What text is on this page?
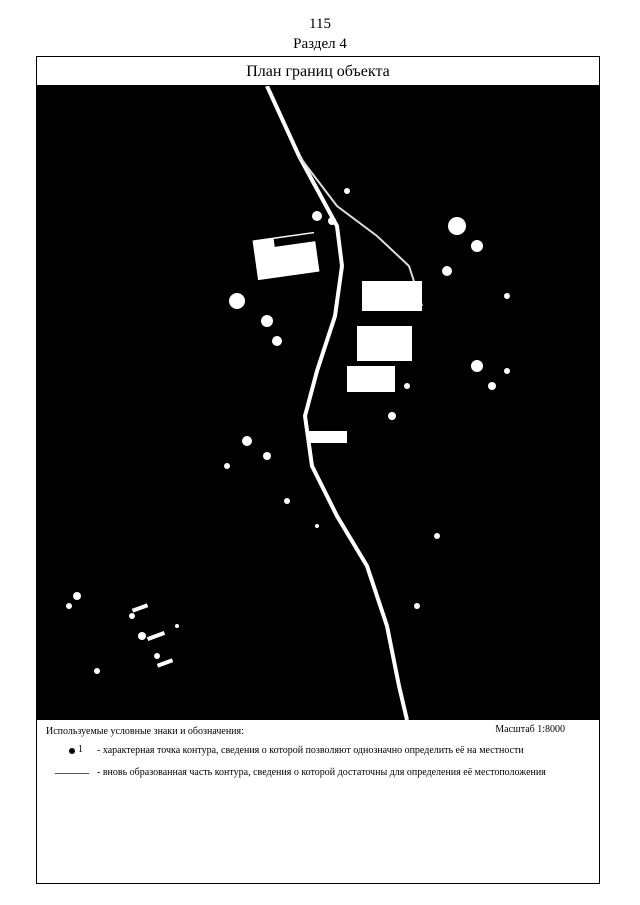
115
Раздел 4
План границ объекта
Используемые условные знаки и обозначения:	Масштаб 1:8000
1 - характерная точка контура, сведения о которой позволяют однозначно определить её на местности
- вновь образованная часть контура, сведения о которой достаточны для определения её местоположения
